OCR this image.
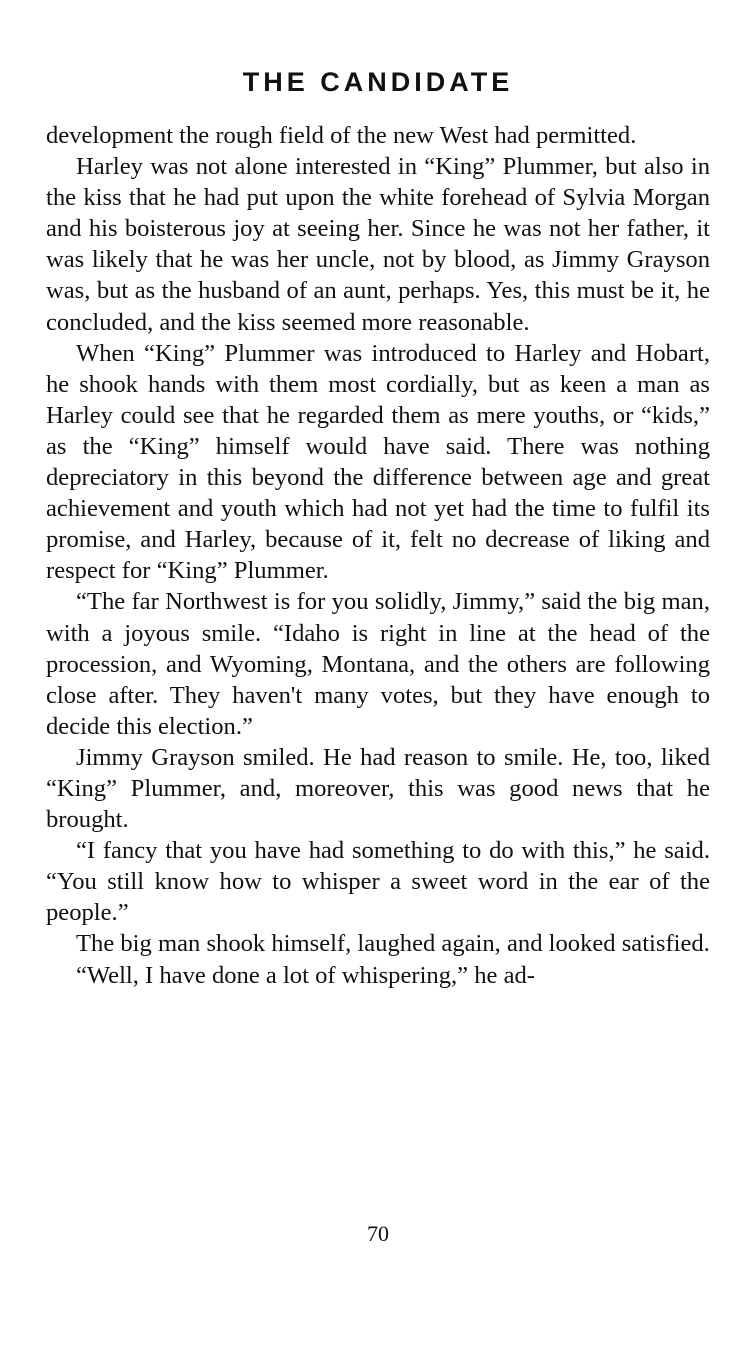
THE CANDIDATE

development the rough field of the new West had permitted.

Harley was not alone interested in “King” Plummer, but also in the kiss that he had put upon the white forehead of Sylvia Morgan and his boisterous joy at seeing her. Since he was not her father, it was likely that he was her uncle, not by blood, as Jimmy Grayson was, but as the husband of an aunt, perhaps. Yes, this must be it, he concluded, and the kiss seemed more reasonable.

When “King” Plummer was introduced to Harley and Hobart, he shook hands with them most cordially, but as keen a man as Harley could see that he regarded them as mere youths, or “kids,” as the “King” himself would have said. There was nothing depreciatory in this beyond the difference between age and great achievement and youth which had not yet had the time to fulfil its promise, and Harley, because of it, felt no decrease of liking and respect for “King” Plummer.

“The far Northwest is for you solidly, Jimmy,” said the big man, with a joyous smile. “Idaho is right in line at the head of the procession, and Wyoming, Montana, and the others are following close after. They haven't many votes, but they have enough to decide this election.”

Jimmy Grayson smiled. He had reason to smile. He, too, liked “King” Plummer, and, moreover, this was good news that he brought.

“I fancy that you have had something to do with this,” he said. “You still know how to whisper a sweet word in the ear of the people.”

The big man shook himself, laughed again, and looked satisfied.

“Well, I have done a lot of whispering,” he ad-

70
